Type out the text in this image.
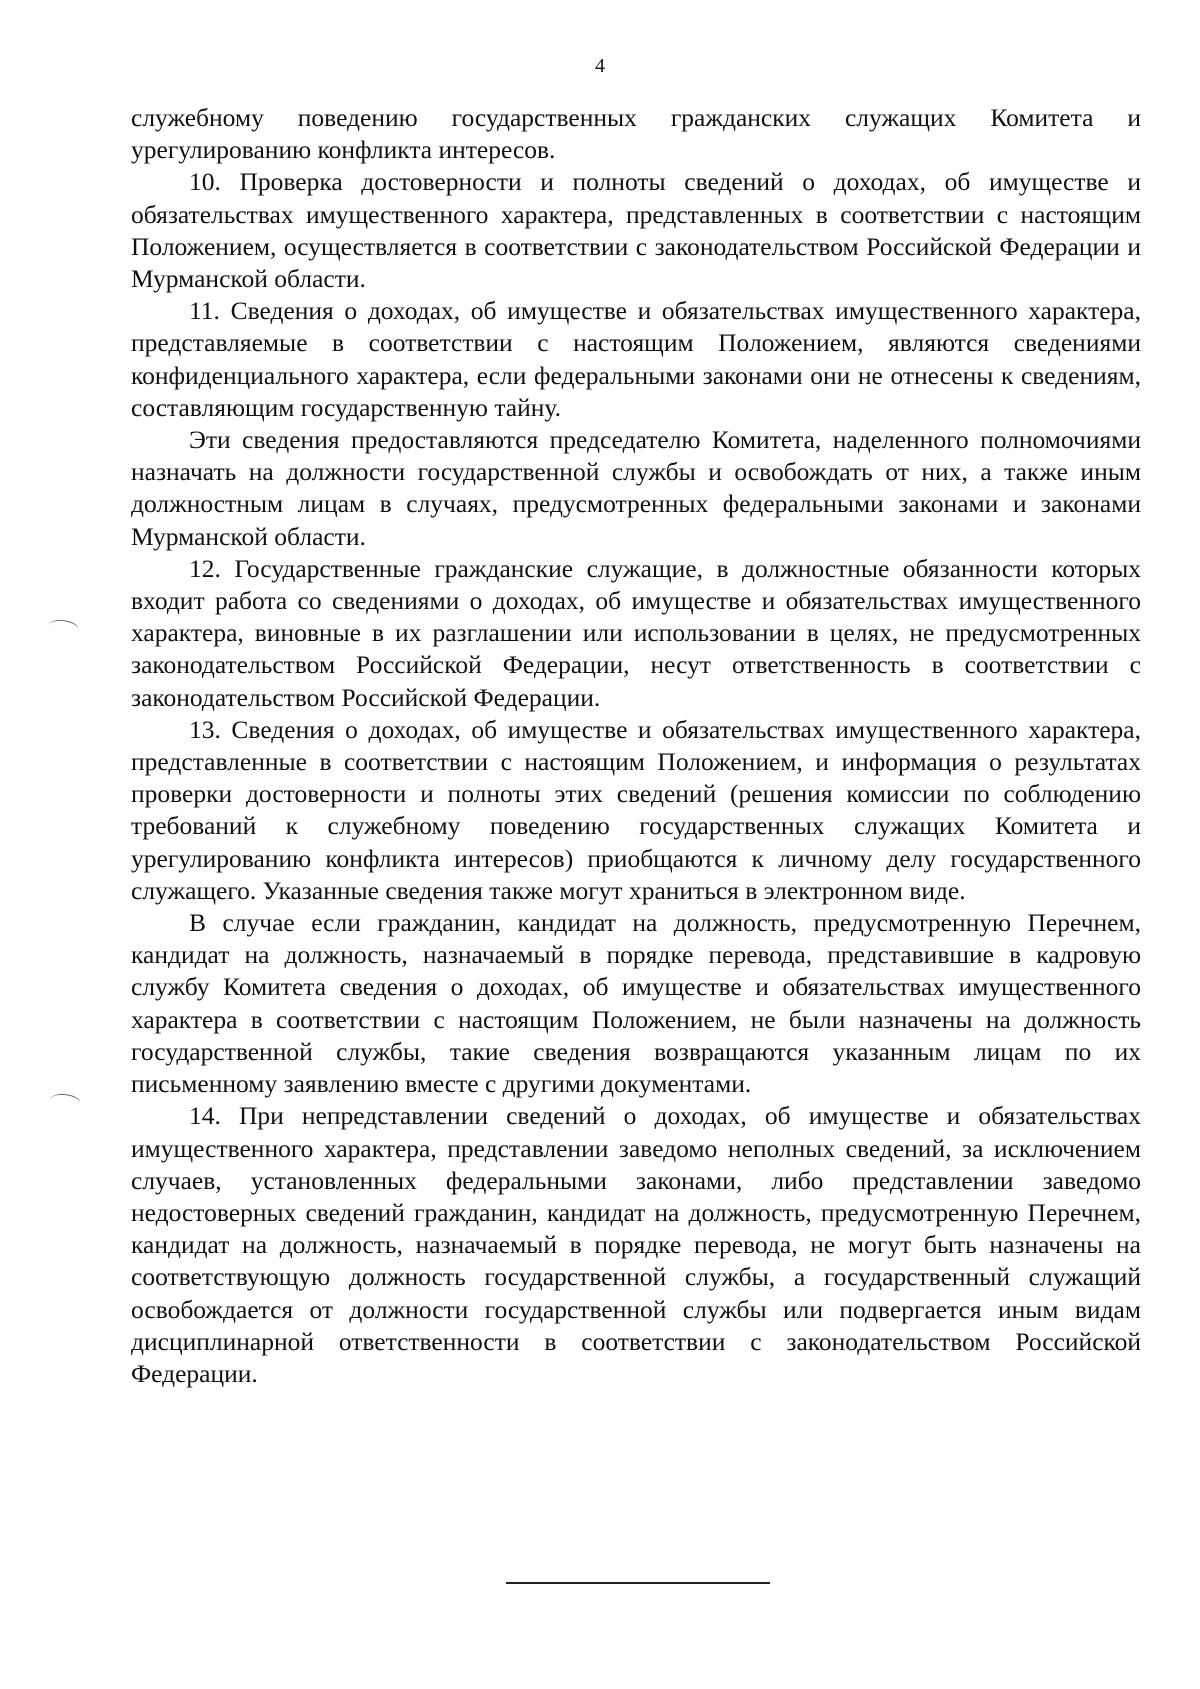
4

служебному поведению государственных гражданских служащих Комитета и урегулированию конфликта интересов.

10. Проверка достоверности и полноты сведений о доходах, об имуществе и обязательствах имущественного характера, представленных в соответствии с настоящим Положением, осуществляется в соответствии с законодательством Российской Федерации и Мурманской области.

11. Сведения о доходах, об имуществе и обязательствах имущественного характера, представляемые в соответствии с настоящим Положением, являются сведениями конфиденциального характера, если федеральными законами они не отнесены к сведениям, составляющим государственную тайну.

Эти сведения предоставляются председателю Комитета, наделенного полномочиями назначать на должности государственной службы и освобождать от них, а также иным должностным лицам в случаях, предусмотренных федеральными законами и законами Мурманской области.

12. Государственные гражданские служащие, в должностные обязанности которых входит работа со сведениями о доходах, об имуществе и обязательствах имущественного характера, виновные в их разглашении или использовании в целях, не предусмотренных законодательством Российской Федерации, несут ответственность в соответствии с законодательством Российской Федерации.

13. Сведения о доходах, об имуществе и обязательствах имущественного характера, представленные в соответствии с настоящим Положением, и информация о результатах проверки достоверности и полноты этих сведений (решения комиссии по соблюдению требований к служебному поведению государственных служащих Комитета и урегулированию конфликта интересов) приобщаются к личному делу государственного служащего. Указанные сведения также могут храниться в электронном виде.

В случае если гражданин, кандидат на должность, предусмотренную Перечнем, кандидат на должность, назначаемый в порядке перевода, представившие в кадровую службу Комитета сведения о доходах, об имуществе и обязательствах имущественного характера в соответствии с настоящим Положением, не были назначены на должность государственной службы, такие сведения возвращаются указанным лицам по их письменному заявлению вместе с другими документами.

14. При непредставлении сведений о доходах, об имуществе и обязательствах имущественного характера, представлении заведомо неполных сведений, за исключением случаев, установленных федеральными законами, либо представлении заведомо недостоверных сведений гражданин, кандидат на должность, предусмотренную Перечнем, кандидат на должность, назначаемый в порядке перевода, не могут быть назначены на соответствующую должность государственной службы, а государственный служащий освобождается от должности государственной службы или подвергается иным видам дисциплинарной ответственности в соответствии с законодательством Российской Федерации.
